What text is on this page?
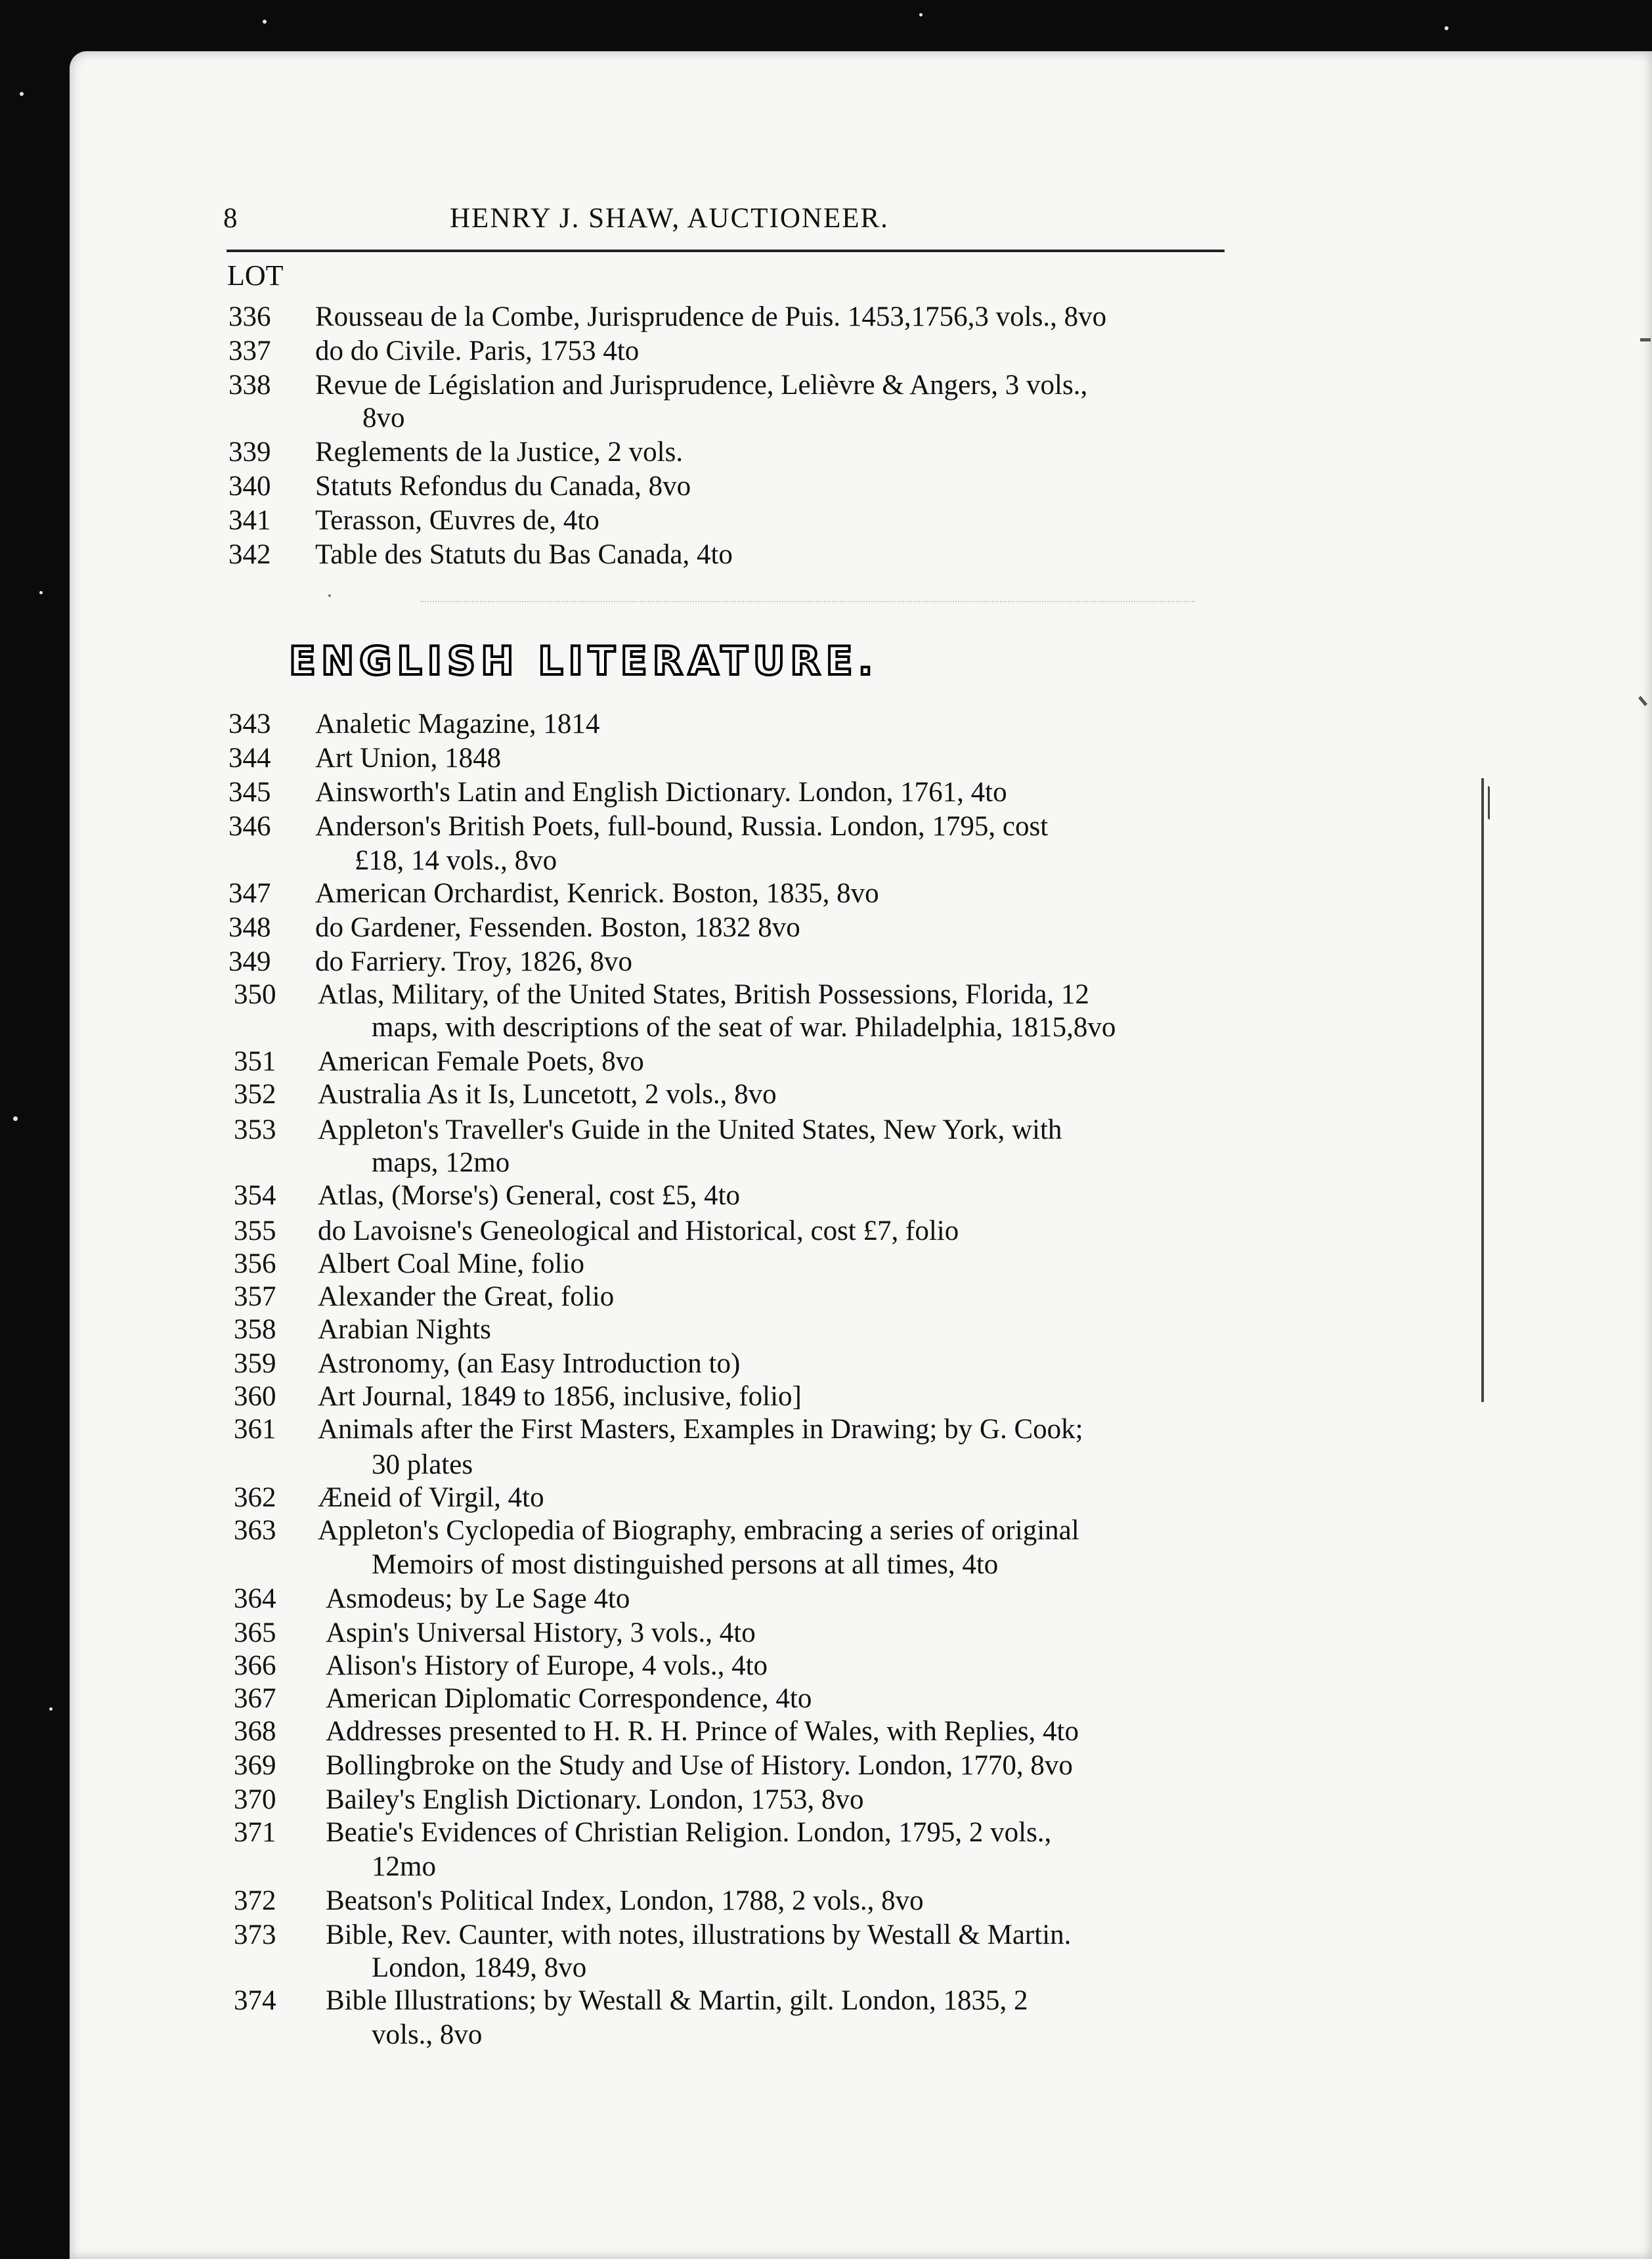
8	HENRY J. SHAW, AUCTIONEER.
LOT
ENGLISH LITERATURE.
336 Rousseau de la Combe, Jurisprudence de Puis. 1453,1756,3 vols., 8vo
337 do do Civile. Paris, 1753 4to
338 Revue de Législation and Jurisprudence, Lelièvre & Angers, 3 vols.,
8vo
339 Reglements de la Justice, 2 vols.
340 Statuts Refondus du Canada, 8vo
341 Terasson, Œuvres de, 4to
342 Table des Statuts du Bas Canada, 4to
343 Analetic Magazine, 1814
344 Art Union, 1848
345 Ainsworth's Latin and English Dictionary. London, 1761, 4to
346 Anderson's British Poets, full-bound, Russia. London, 1795, cost
£18, 14 vols., 8vo
347 American Orchardist, Kenrick. Boston, 1835, 8vo
348 do Gardener, Fessenden. Boston, 1832 8vo
349 do Farriery. Troy, 1826, 8vo
350 Atlas, Military, of the United States, British Possessions, Florida, 12
maps, with descriptions of the seat of war. Philadelphia, 1815,8vo
351 American Female Poets, 8vo
352 Australia As it Is, Luncetott, 2 vols., 8vo
353 Appleton's Traveller's Guide in the United States, New York, with
maps, 12mo
354 Atlas, (Morse's) General, cost £5, 4to
355 do Lavoisne's Geneological and Historical, cost £7, folio
356 Albert Coal Mine, folio
357 Alexander the Great, folio
358 Arabian Nights
359 Astronomy, (an Easy Introduction to)
360 Art Journal, 1849 to 1856, inclusive, folio]
361 Animals after the First Masters, Examples in Drawing; by G. Cook;
30 plates
362 Æneid of Virgil, 4to
363 Appleton's Cyclopedia of Biography, embracing a series of original
Memoirs of most distinguished persons at all times, 4to
364 Asmodeus; by Le Sage 4to
365 Aspin's Universal History, 3 vols., 4to
366 Alison's History of Europe, 4 vols., 4to
367 American Diplomatic Correspondence, 4to
368 Addresses presented to H. R. H. Prince of Wales, with Replies, 4to
369 Bollingbroke on the Study and Use of History. London, 1770, 8vo
370 Bailey's English Dictionary. London, 1753, 8vo
371 Beatie's Evidences of Christian Religion. London, 1795, 2 vols.,
12mo
372 Beatson's Political Index, London, 1788, 2 vols., 8vo
373 Bible, Rev. Caunter, with notes, illustrations by Westall & Martin.
London, 1849, 8vo
374 Bible Illustrations; by Westall & Martin, gilt. London, 1835, 2
vols., 8vo
